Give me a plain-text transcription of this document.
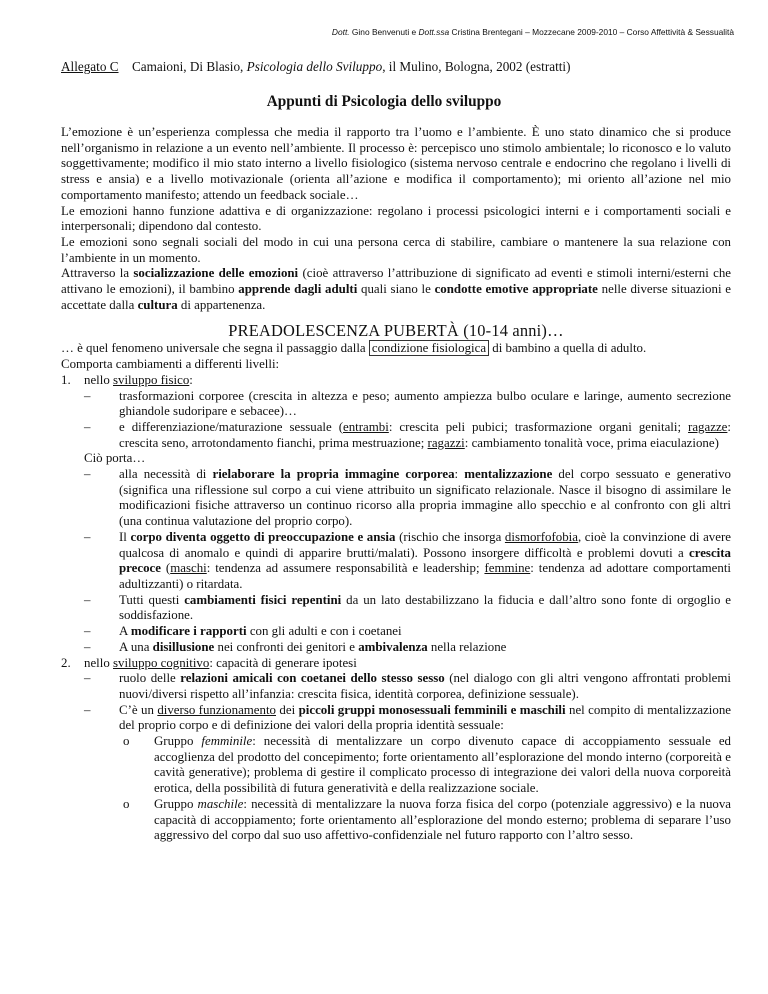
Dott. Gino Benvenuti e Dott.ssa Cristina Brentegani – Mozzecane 2009-2010 – Corso Affettività & Sessualità
Allegato C Camaioni, Di Blasio, Psicologia dello Sviluppo, il Mulino, Bologna, 2002 (estratti)
Appunti di Psicologia dello sviluppo

L’emozione è un’esperienza complessa che media il rapporto tra l’uomo e l’ambiente. È uno stato dinamico che si produce nell’organismo in relazione a un evento nell’ambiente. Il processo è: percepisco uno stimolo ambientale; lo riconosco e lo valuto soggettivamente; modifico il mio stato interno a livello fisiologico (sistema nervoso centrale e endocrino che regolano i livelli di stress e ansia) e a livello motivazionale (orienta all’azione e modifica il comportamento); mi oriento all’azione nel mio comportamento manifesto; attendo un feedback sociale…

Le emozioni hanno funzione adattiva e di organizzazione: regolano i processi psicologici interni e i comportamenti sociali e interpersonali; dipendono dal contesto.

Le emozioni sono segnali sociali del modo in cui una persona cerca di stabilire, cambiare o mantenere la sua relazione con l’ambiente in un momento.

Attraverso la socializzazione delle emozioni (cioè attraverso l’attribuzione di significato ad eventi e stimoli interni/esterni che attivano le emozioni), il bambino apprende dagli adulti quali siano le condotte emotive appropriate nelle diverse situazioni e accettate dalla cultura di appartenenza.

PREADOLESCENZA PUBERTÀ (10-14 anni)…

… è quel fenomeno universale che segna il passaggio dalla condizione fisiologica di bambino a quella di adulto.

Comporta cambiamenti a differenti livelli:

1. nello sviluppo fisico:
– trasformazioni corporee (crescita in altezza e peso; aumento ampiezza bulbo oculare e laringe, aumento secrezione ghiandole sudoripare e sebacee)…
– e differenziazione/maturazione sessuale (entrambi: crescita peli pubici; trasformazione organi genitali; ragazze: crescita seno, arrotondamento fianchi, prima mestruazione; ragazzi: cambiamento tonalità voce, prima eiaculazione)
Ciò porta…
– alla necessità di rielaborare la propria immagine corporea: mentalizzazione del corpo sessuato e generativo (significa una riflessione sul corpo a cui viene attribuito un significato relazionale. Nasce il bisogno di assimilare le modificazioni fisiche attraverso un continuo ricorso alla propria immagine allo specchio e al confronto con gli altri (una continua valutazione del proprio corpo).
– Il corpo diventa oggetto di preoccupazione e ansia (rischio che insorga dismorfofobia, cioè la convinzione di avere qualcosa di anomalo e quindi di apparire brutti/malati). Possono insorgere difficoltà e problemi dovuti a crescita precoce (maschi: tendenza ad assumere responsabilità e leadership; femmine: tendenza ad adottare comportamenti adultizzanti) o ritardata.
– Tutti questi cambiamenti fisici repentini da un lato destabilizzano la fiducia e dall’altro sono fonte di orgoglio e soddisfazione.
– A modificare i rapporti con gli adulti e con i coetanei
– A una disillusione nei confronti dei genitori e ambivalenza nella relazione
2. nello sviluppo cognitivo: capacità di generare ipotesi
– ruolo delle relazioni amicali con coetanei dello stesso sesso (nel dialogo con gli altri vengono affrontati problemi nuovi/diversi rispetto all’infanzia: crescita fisica, identità corporea, definizione sessuale).
– C’è un diverso funzionamento dei piccoli gruppi monosessuali femminili e maschili nel compito di mentalizzazione del proprio corpo e di definizione dei valori della propria identità sessuale:
o Gruppo femminile: necessità di mentalizzare un corpo divenuto capace di accoppiamento sessuale ed accoglienza del prodotto del concepimento; forte orientamento all’esplorazione del mondo interno (corporeità e cavità generative); problema di gestire il complicato processo di integrazione dei valori della nuova corporeità erotica, della possibilità di futura generatività e della realizzazione sociale.
o Gruppo maschile: necessità di mentalizzare la nuova forza fisica del corpo (potenziale aggressivo) e la nuova capacità di accoppiamento; forte orientamento all’esplorazione del mondo esterno; problema di separare l’uso aggressivo del corpo dal suo uso affettivo-confidenziale nel futuro rapporto con l’altro sesso.
